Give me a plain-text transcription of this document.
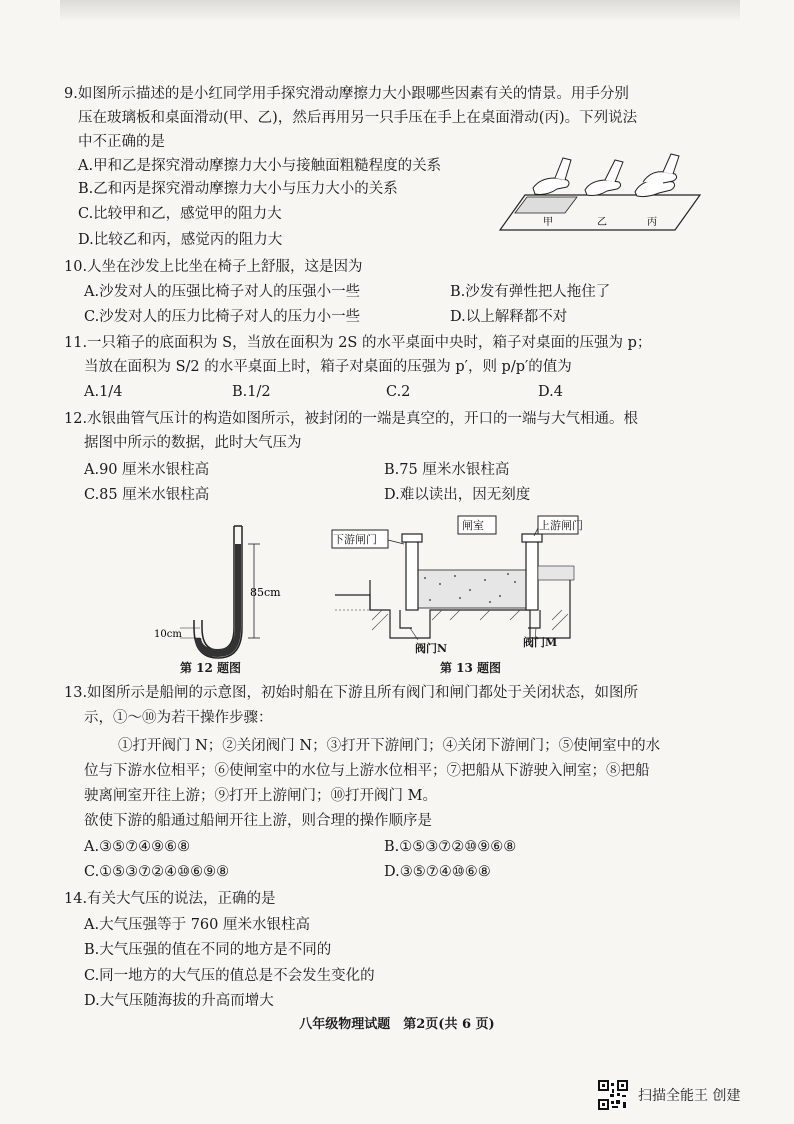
9.如图所示描述的是小红同学用手探究滑动摩擦力大小跟哪些因素有关的情景。用手分别
压在玻璃板和桌面滑动(甲、乙)，然后再用另一只手压在手上在桌面滑动(丙)。下列说法
中不正确的是
A.甲和乙是探究滑动摩擦力大小与接触面粗糙程度的关系
B.乙和丙是探究滑动摩擦力大小与压力大小的关系
C.比较甲和乙，感觉甲的阻力大
D.比较乙和丙，感觉丙的阻力大
甲	乙	丙
10.人坐在沙发上比坐在椅子上舒服，这是因为
A.沙发对人的压强比椅子对人的压强小一些	B.沙发有弹性把人拖住了
C.沙发对人的压力比椅子对人的压力小一些	D.以上解释都不对
11.一只箱子的底面积为 S，当放在面积为 2S 的水平桌面中央时，箱子对桌面的压强为 p；
当放在面积为 S/2 的水平桌面上时，箱子对桌面的压强为 p′，则 p/p′的值为
A.1/4	B.1/2	C.2	D.4
12.水银曲管气压计的构造如图所示，被封闭的一端是真空的，开口的一端与大气相通。根
据图中所示的数据，此时大气压为
A.90 厘米水银柱高	B.75 厘米水银柱高
C.85 厘米水银柱高	D.难以读出，因无刻度
85cm
10cm
第 12 题图
下游闸门
闸室	上游闸门
阀门N	阀门M
第 13 题图
13.如图所示是船闸的示意图，初始时船在下游且所有阀门和闸门都处于关闭状态，如图所
示，①～⑩为若干操作步骤：
①打开阀门 N；②关闭阀门 N；③打开下游闸门；④关闭下游闸门；⑤使闸室中的水
位与下游水位相平；⑥使闸室中的水位与上游水位相平；⑦把船从下游驶入闸室；⑧把船
驶离闸室开往上游；⑨打开上游闸门；⑩打开阀门 M。
欲使下游的船通过船闸开往上游，则合理的操作顺序是
A.③⑤⑦④⑨⑥⑧	B.①⑤③⑦②⑩⑨⑥⑧
C.①⑤③⑦②④⑩⑥⑨⑧	D.③⑤⑦④⑩⑥⑧
14.有关大气压的说法，正确的是
A.大气压强等于 760 厘米水银柱高
B.大气压强的值在不同的地方是不同的
C.同一地方的大气压的值总是不会发生变化的
D.大气压随海拔的升高而增大
八年级物理试题　第2页(共 6 页)
扫描全能王 创建
